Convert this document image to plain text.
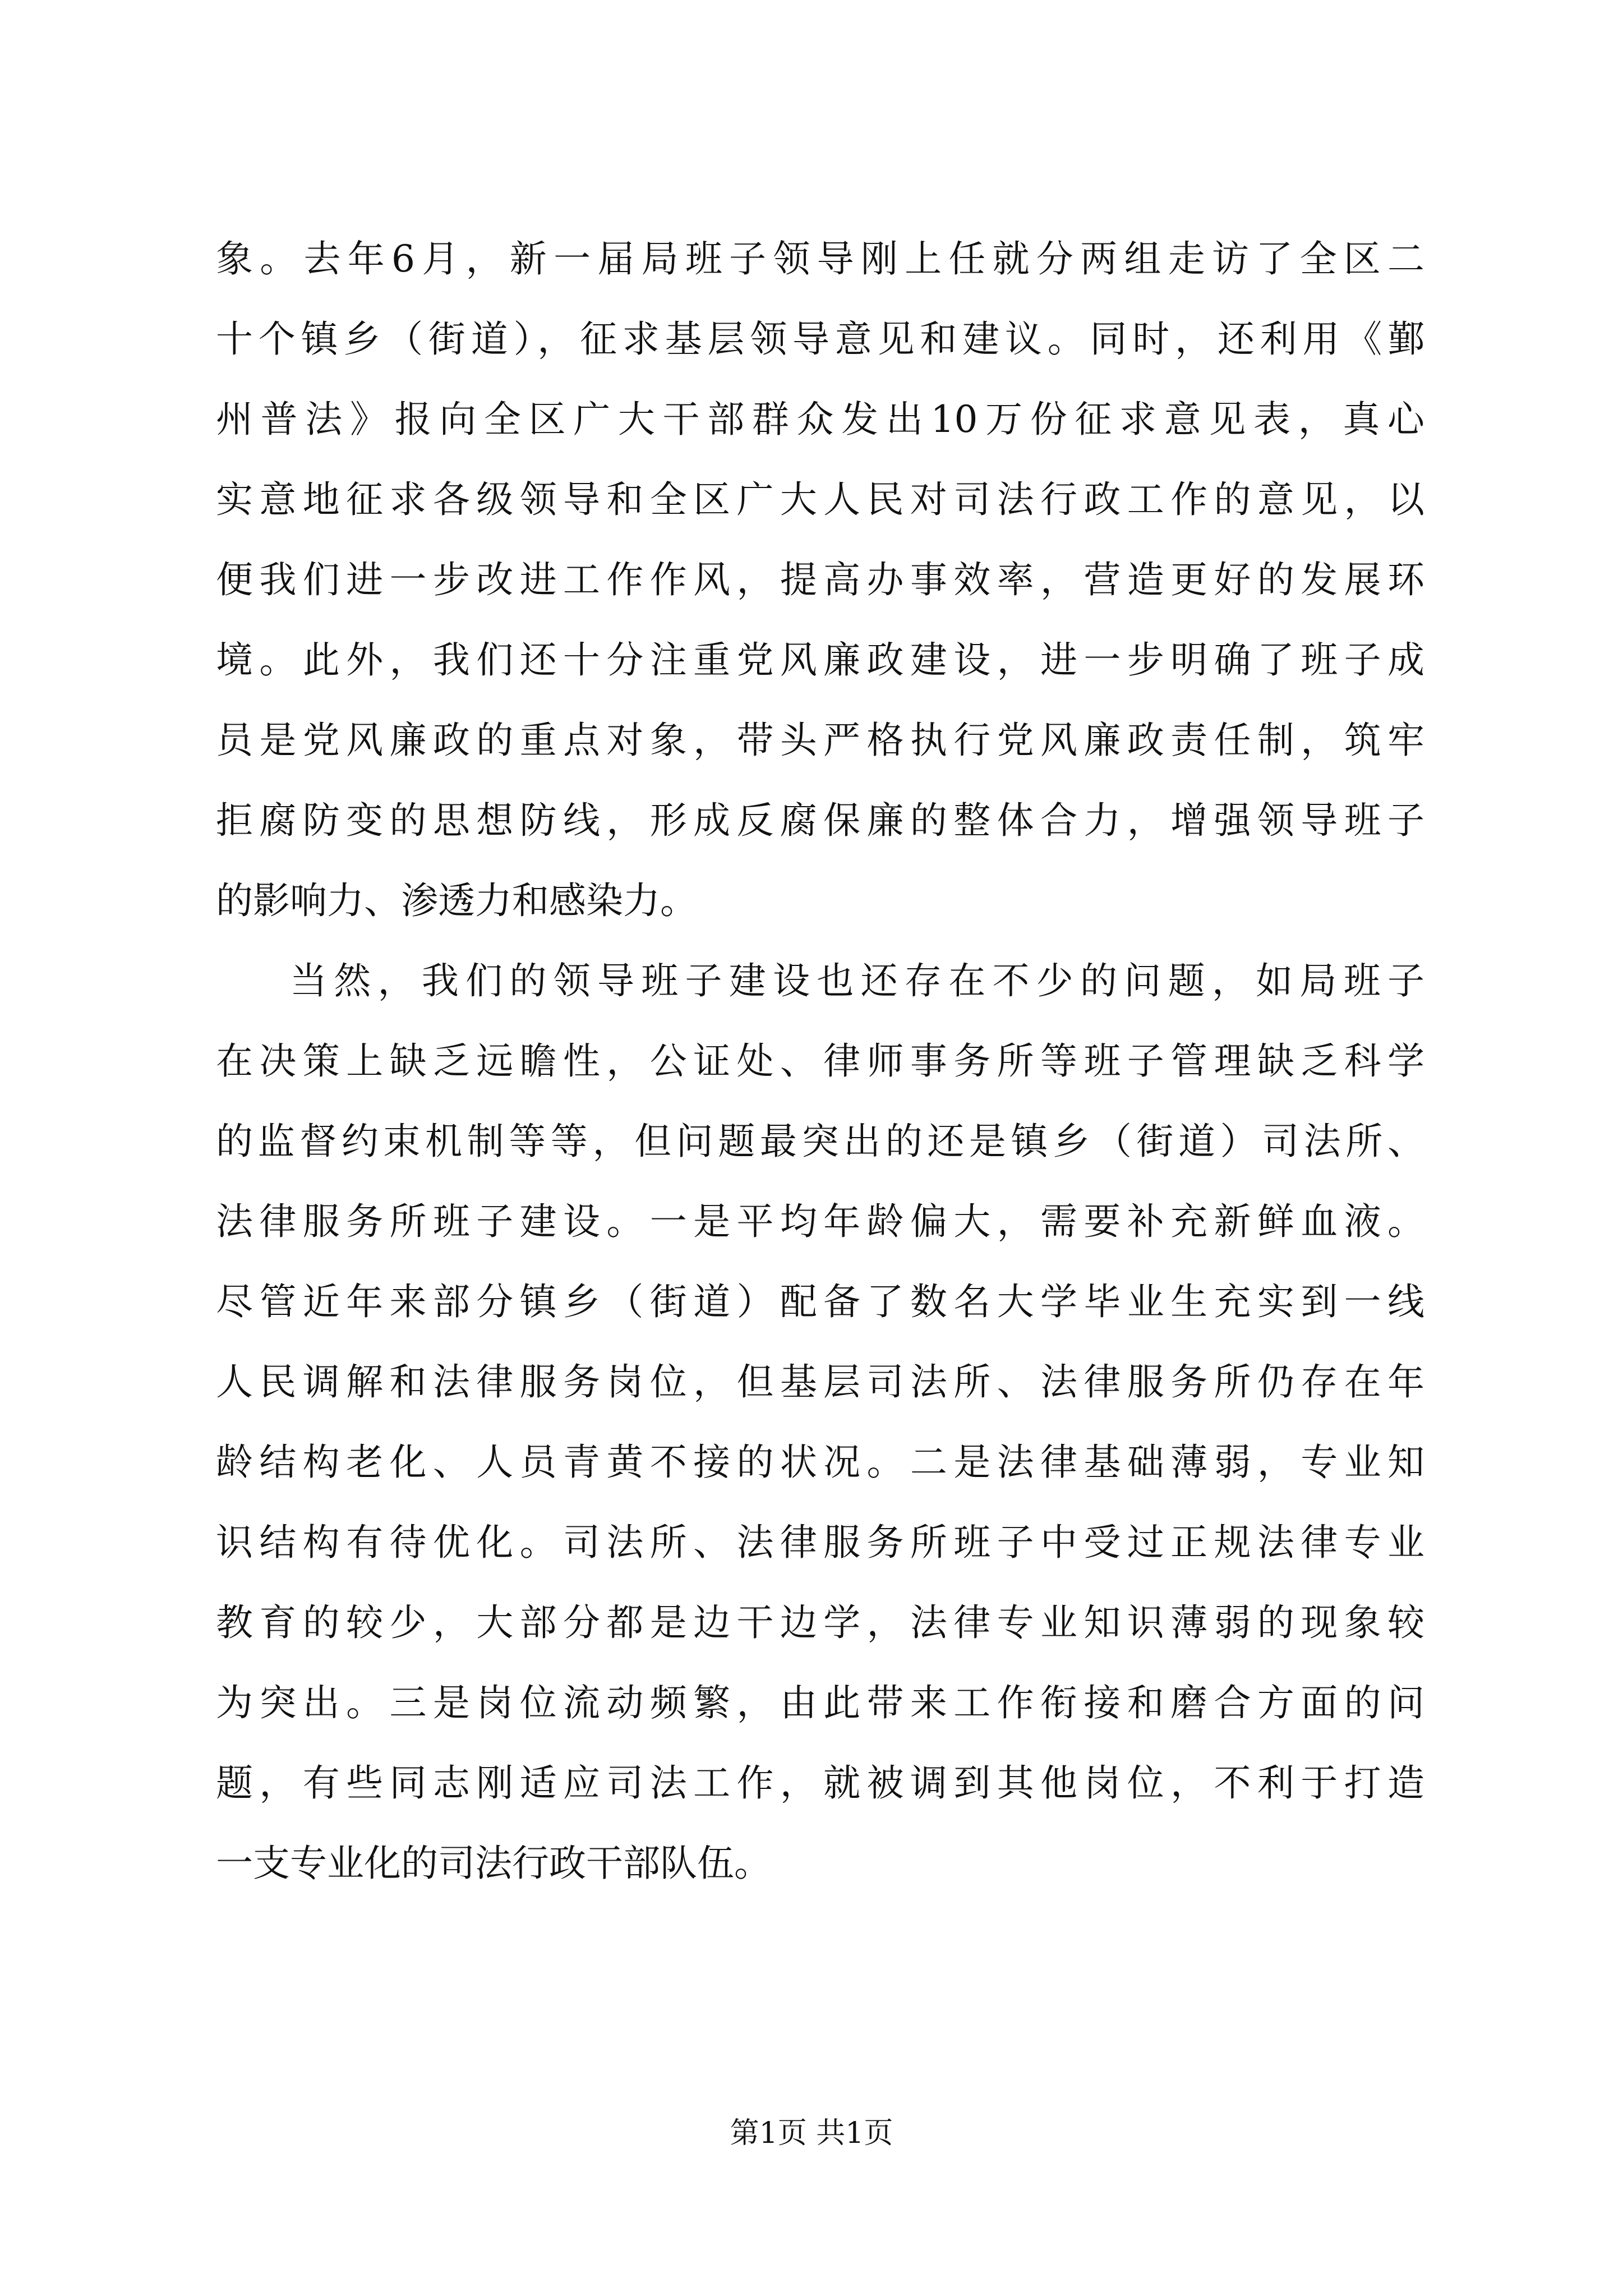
象。去年6月，新一届局班子领导刚上任就分两组走访了全区二
十个镇乡（街道），征求基层领导意见和建议。同时，还利用《鄞
州普法》报向全区广大干部群众发出10万份征求意见表，真心
实意地征求各级领导和全区广大人民对司法行政工作的意见，以
便我们进一步改进工作作风，提高办事效率，营造更好的发展环
境。此外，我们还十分注重党风廉政建设，进一步明确了班子成
员是党风廉政的重点对象，带头严格执行党风廉政责任制，筑牢
拒腐防变的思想防线，形成反腐保廉的整体合力，增强领导班子
的影响力、渗透力和感染力。
当然，我们的领导班子建设也还存在不少的问题，如局班子
在决策上缺乏远瞻性，公证处、律师事务所等班子管理缺乏科学
的监督约束机制等等，但问题最突出的还是镇乡（街道）司法所、
法律服务所班子建设。一是平均年龄偏大，需要补充新鲜血液。
尽管近年来部分镇乡（街道）配备了数名大学毕业生充实到一线
人民调解和法律服务岗位，但基层司法所、法律服务所仍存在年
龄结构老化、人员青黄不接的状况。二是法律基础薄弱，专业知
识结构有待优化。司法所、法律服务所班子中受过正规法律专业
教育的较少，大部分都是边干边学，法律专业知识薄弱的现象较
为突出。三是岗位流动频繁，由此带来工作衔接和磨合方面的问
题，有些同志刚适应司法工作，就被调到其他岗位，不利于打造
一支专业化的司法行政干部队伍。
第1页 共1页
